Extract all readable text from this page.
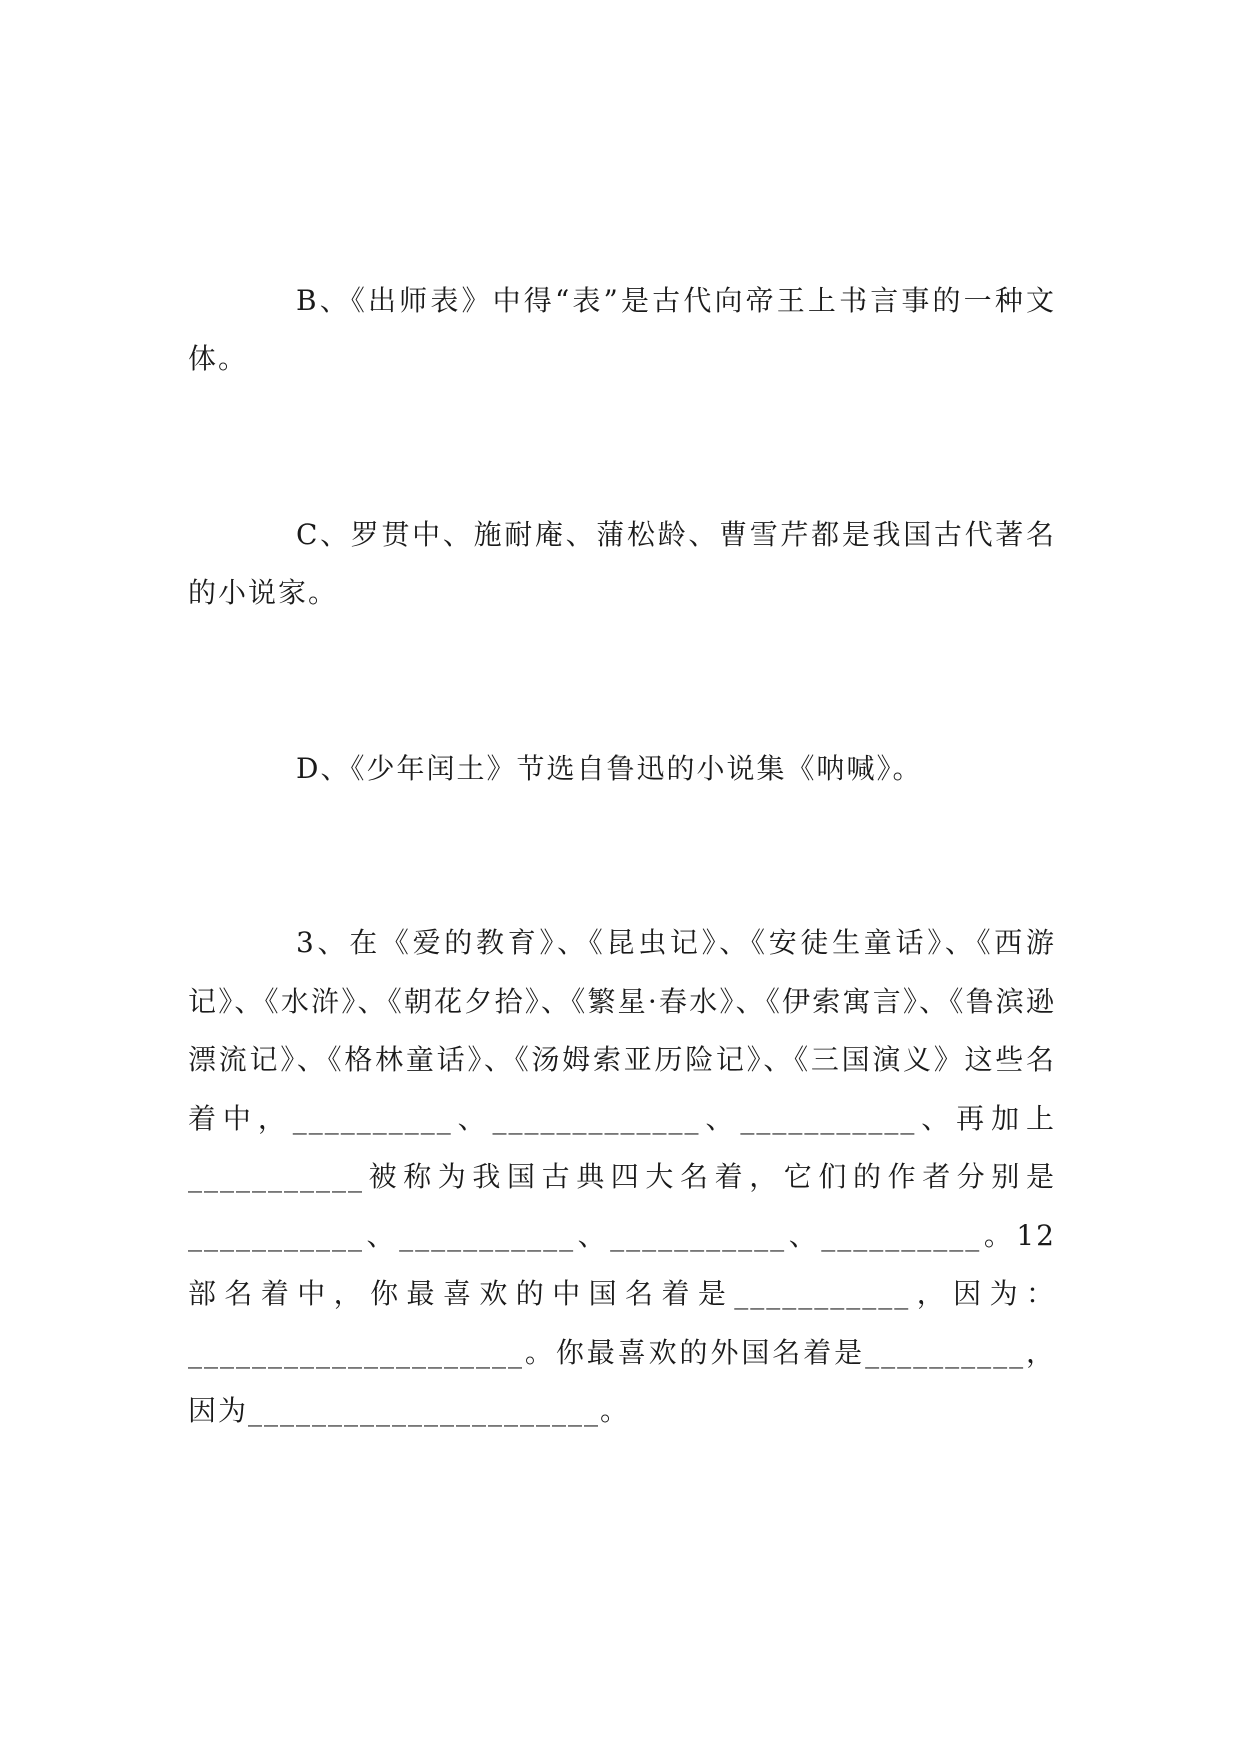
B、《出师表》中得“表”是古代向帝王上书言事的一种文体。

C、罗贯中、施耐庵、蒲松龄、曹雪芹都是我国古代著名的小说家。

D、《少年闰土》节选自鲁迅的小说集《呐喊》。

3、在《爱的教育》、《昆虫记》、《安徒生童话》、《西游记》、《水浒》、《朝花夕拾》、《繁星·春水》、《伊索寓言》、《鲁滨逊漂流记》、《格林童话》、《汤姆索亚历险记》、《三国演义》这些名着中，__________、_____________、___________、再加上___________被称为我国古典四大名着，它们的作者分别是___________、___________、___________、__________。12部名着中，你最喜欢的中国名着是___________，因为：_____________________。你最喜欢的外国名着是__________，因为______________________。
